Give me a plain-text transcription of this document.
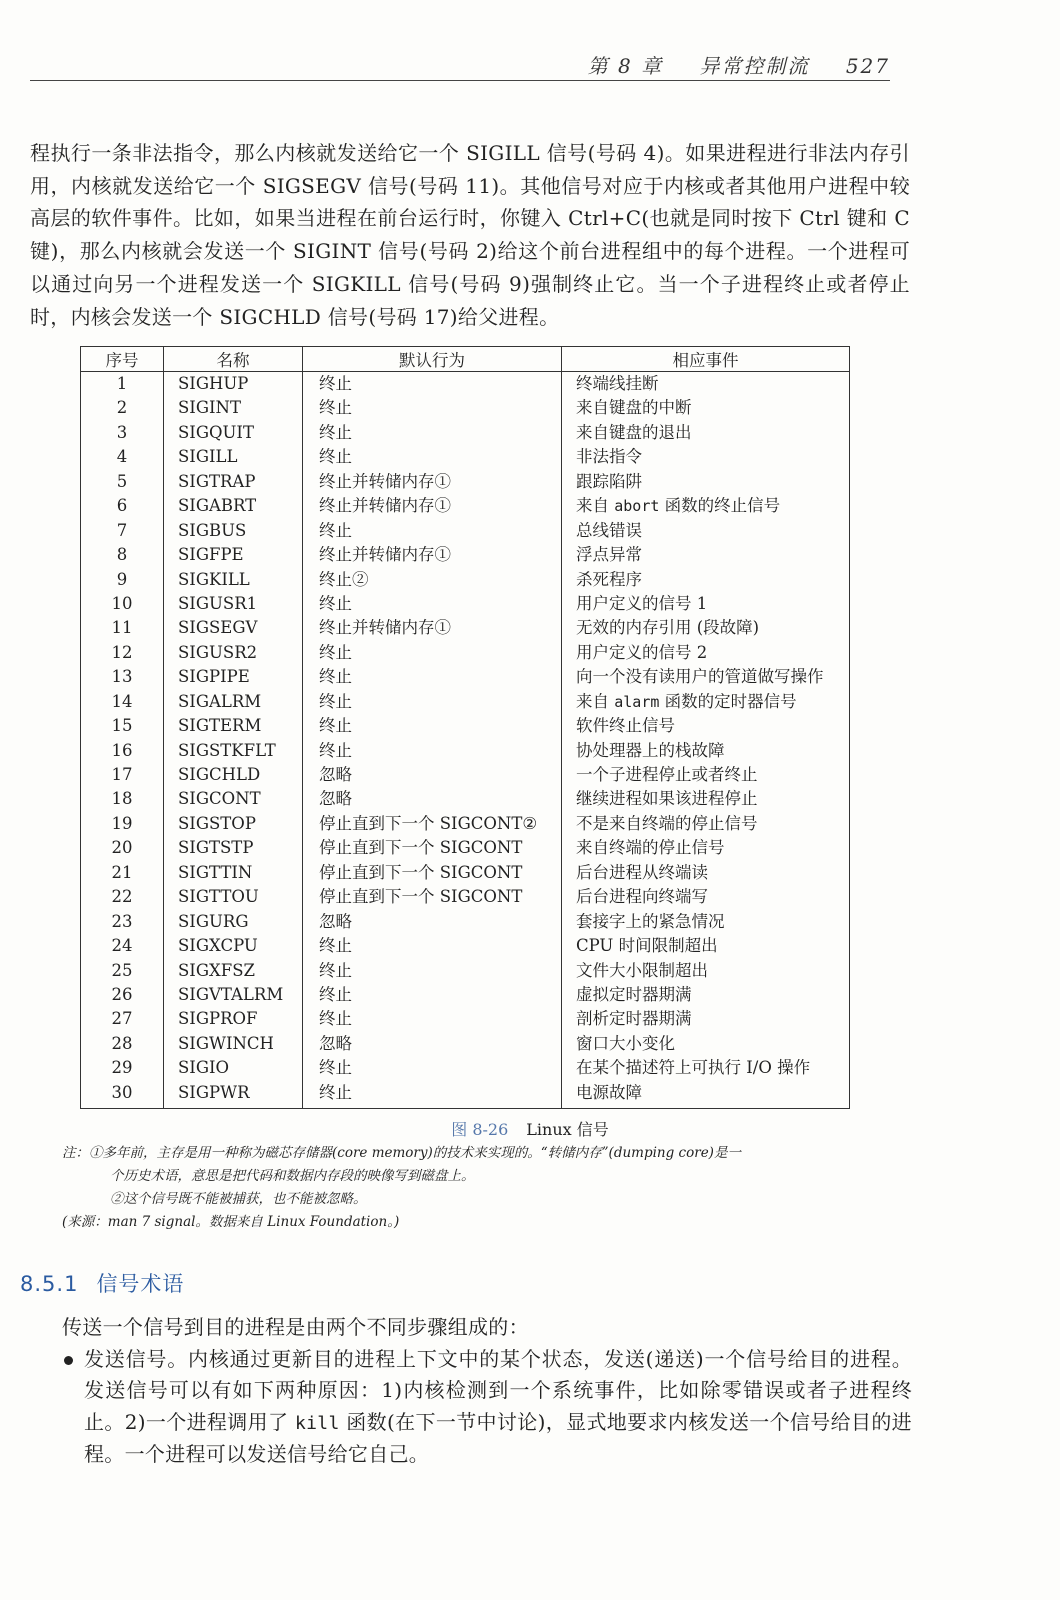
第 8 章 异常控制流 527
程执行一条非法指令，那么内核就发送给它一个 SIGILL 信号(号码 4)。如果进程进行非法内存引用，内核就发送给它一个 SIGSEGV 信号(号码 11)。其他信号对应于内核或者其他用户进程中较高层的软件事件。比如，如果当进程在前台运行时，你键入 Ctrl+C(也就是同时按下 Ctrl 键和 C 键)，那么内核就会发送一个 SIGINT 信号(号码 2)给这个前台进程组中的每个进程。一个进程可以通过向另一个进程发送一个 SIGKILL 信号(号码 9)强制终止它。当一个子进程终止或者停止时，内核会发送一个 SIGCHLD 信号(号码 17)给父进程。
序号	名称	默认行为	相应事件
1	SIGHUP	终止	终端线挂断
2	SIGINT	终止	来自键盘的中断
3	SIGQUIT	终止	来自键盘的退出
4	SIGILL	终止	非法指令
5	SIGTRAP	终止并转储内存①	跟踪陷阱
6	SIGABRT	终止并转储内存①	来自 abort 函数的终止信号
7	SIGBUS	终止	总线错误
8	SIGFPE	终止并转储内存①	浮点异常
9	SIGKILL	终止②	杀死程序
10	SIGUSR1	终止	用户定义的信号 1
11	SIGSEGV	终止并转储内存①	无效的内存引用 (段故障)
12	SIGUSR2	终止	用户定义的信号 2
13	SIGPIPE	终止	向一个没有读用户的管道做写操作
14	SIGALRM	终止	来自 alarm 函数的定时器信号
15	SIGTERM	终止	软件终止信号
16	SIGSTKFLT	终止	协处理器上的栈故障
17	SIGCHLD	忽略	一个子进程停止或者终止
18	SIGCONT	忽略	继续进程如果该进程停止
19	SIGSTOP	停止直到下一个 SIGCONT②	不是来自终端的停止信号
20	SIGTSTP	停止直到下一个 SIGCONT	来自终端的停止信号
21	SIGTTIN	停止直到下一个 SIGCONT	后台进程从终端读
22	SIGTTOU	停止直到下一个 SIGCONT	后台进程向终端写
23	SIGURG	忽略	套接字上的紧急情况
24	SIGXCPU	终止	CPU 时间限制超出
25	SIGXFSZ	终止	文件大小限制超出
26	SIGVTALRM	终止	虚拟定时器期满
27	SIGPROF	终止	剖析定时器期满
28	SIGWINCH	忽略	窗口大小变化
29	SIGIO	终止	在某个描述符上可执行 I/O 操作
30	SIGPWR	终止	电源故障
图 8-26 Linux 信号
注：①多年前，主存是用一种称为磁芯存储器(core memory)的技术来实现的。“转储内存”(dumping core)是一
个历史术语，意思是把代码和数据内存段的映像写到磁盘上。
②这个信号既不能被捕获，也不能被忽略。
(来源：man 7 signal。数据来自 Linux Foundation。)
8.5.1 信号术语
传送一个信号到目的进程是由两个不同步骤组成的：
发送信号。内核通过更新目的进程上下文中的某个状态，发送(递送)一个信号给目的进程。发送信号可以有如下两种原因：1)内核检测到一个系统事件，比如除零错误或者子进程终止。2)一个进程调用了 kill 函数(在下一节中讨论)，显式地要求内核发送一个信号给目的进程。一个进程可以发送信号给它自己。
